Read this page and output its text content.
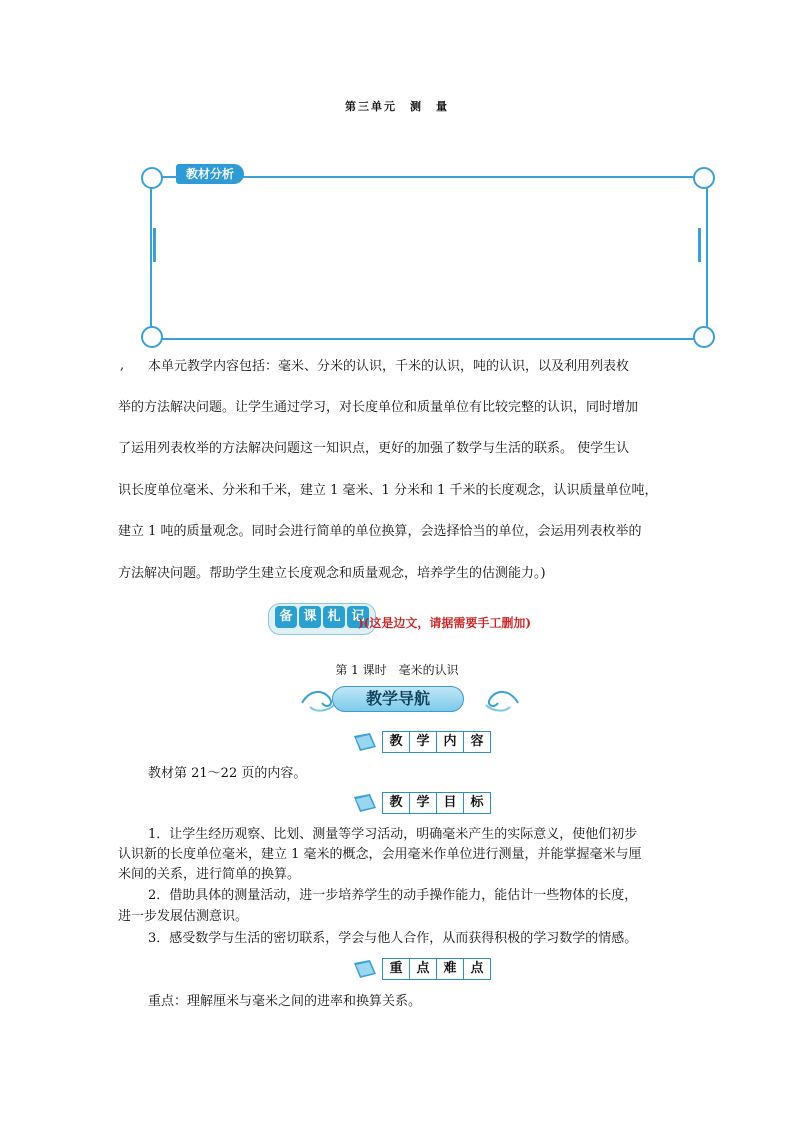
第三单元　测　量
教材分析
, 本单元教学内容包括：毫米、分米的认识，千米的认识，吨的认识，以及利用列表枚
举的方法解决问题。让学生通过学习，对长度单位和质量单位有比较完整的认识，同时增加
了运用列表枚举的方法解决问题这一知识点，更好的加强了数学与生活的联系。 使学生认
识长度单位毫米、分米和千米，建立 1 毫米、1 分米和 1 千米的长度观念，认识质量单位吨，
建立 1 吨的质量观念。同时会进行简单的单位换算，会选择恰当的单位，会运用列表枚举的
方法解决问题。帮助学生建立长度观念和质量观念，培养学生的估测能力。)
备 课 札 记
)(这是边文，请据需要手工删加)
第 1 课时　毫米的认识
教学导航
教	学	内	容
教材第 21～22 页的内容。
教	学	目	标
1．让学生经历观察、比划、测量等学习活动，明确毫米产生的实际意义，使他们初步
认识新的长度单位毫米，建立 1 毫米的概念，会用毫米作单位进行测量，并能掌握毫米与厘
米间的关系，进行简单的换算。
2．借助具体的测量活动，进一步培养学生的动手操作能力，能估计一些物体的长度，
进一步发展估测意识。
3．感受数学与生活的密切联系，学会与他人合作，从而获得积极的学习数学的情感。
重	点	难	点
重点：理解厘米与毫米之间的进率和换算关系。
